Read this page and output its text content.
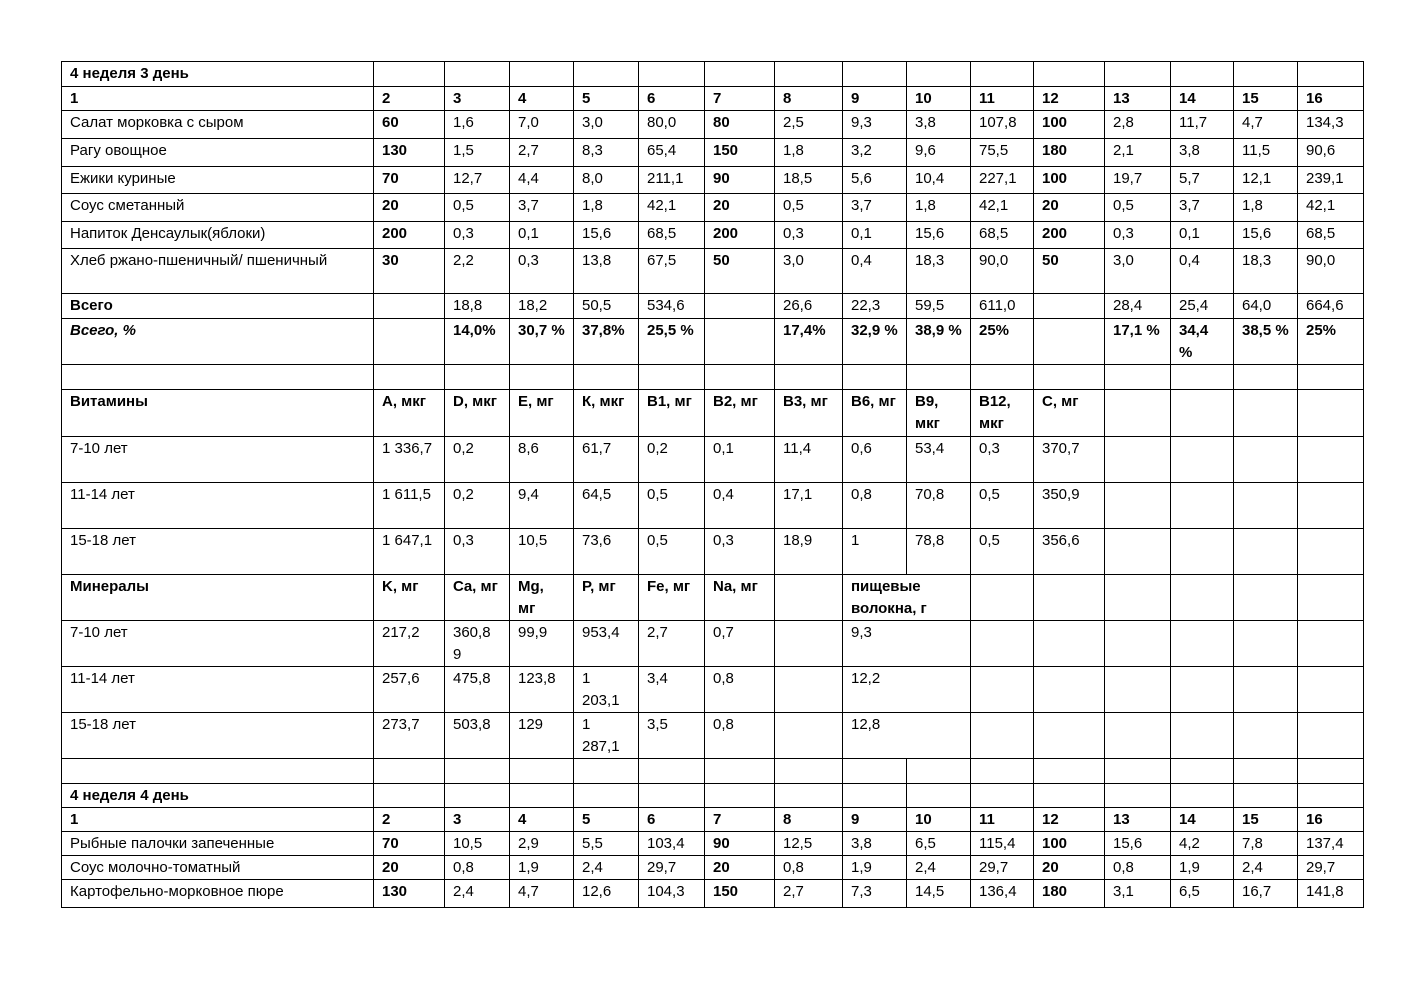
4 неделя 3 день															
1	2	3	4	5	6	7	8	9	10	11	12	13	14	15	16
Салат морковка с сыром	60	1,6	7,0	3,0	80,0	80	2,5	9,3	3,8	107,8	100	2,8	11,7	4,7	134,3
Рагу овощное	130	1,5	2,7	8,3	65,4	150	1,8	3,2	9,6	75,5	180	2,1	3,8	11,5	90,6
Ежики куриные	70	12,7	4,4	8,0	211,1	90	18,5	5,6	10,4	227,1	100	19,7	5,7	12,1	239,1
Соус сметанный	20	0,5	3,7	1,8	42,1	20	0,5	3,7	1,8	42,1	20	0,5	3,7	1,8	42,1
Напиток Денсаулык(яблоки)	200	0,3	0,1	15,6	68,5	200	0,3	0,1	15,6	68,5	200	0,3	0,1	15,6	68,5
Хлеб ржано-пшеничный/ пшеничный	30	2,2	0,3	13,8	67,5	50	3,0	0,4	18,3	90,0	50	3,0	0,4	18,3	90,0
Всего		18,8	18,2	50,5	534,6		26,6	22,3	59,5	611,0		28,4	25,4	64,0	664,6
Всего, %		14,0%	30,7 %	37,8%	25,5 %		17,4%	32,9 %	38,9 %	25%		17,1 %	34,4 %	38,5 %	25%

Витамины	А, мкг	D, мкг	Е, мг	К, мкг	В1, мг	В2, мг	В3, мг	В6, мг	В9, мкг	В12, мкг	С, мг				
7-10 лет	1 336,7	0,2	8,6	61,7	0,2	0,1	11,4	0,6	53,4	0,3	370,7				
11-14 лет	1 611,5	0,2	9,4	64,5	0,5	0,4	17,1	0,8	70,8	0,5	350,9				
15-18 лет	1 647,1	0,3	10,5	73,6	0,5	0,3	18,9	1	78,8	0,5	356,6				
Минералы	K, мг	Ca, мг	Mg, мг	P, мг	Fe, мг	Na, мг		пищевые волокна, г							
7-10 лет	217,2	360,8 9	99,9	953,4	2,7	0,7		9,3							
11-14 лет	257,6	475,8	123,8	1 203,1	3,4	0,8		12,2							
15-18 лет	273,7	503,8	129	1 287,1	3,5	0,8		12,8							

4 неделя 4 день															
1	2	3	4	5	6	7	8	9	10	11	12	13	14	15	16
Рыбные палочки запеченные	70	10,5	2,9	5,5	103,4	90	12,5	3,8	6,5	115,4	100	15,6	4,2	7,8	137,4
Соус молочно-томатный	20	0,8	1,9	2,4	29,7	20	0,8	1,9	2,4	29,7	20	0,8	1,9	2,4	29,7
Картофельно-морковное пюре	130	2,4	4,7	12,6	104,3	150	2,7	7,3	14,5	136,4	180	3,1	6,5	16,7	141,8
